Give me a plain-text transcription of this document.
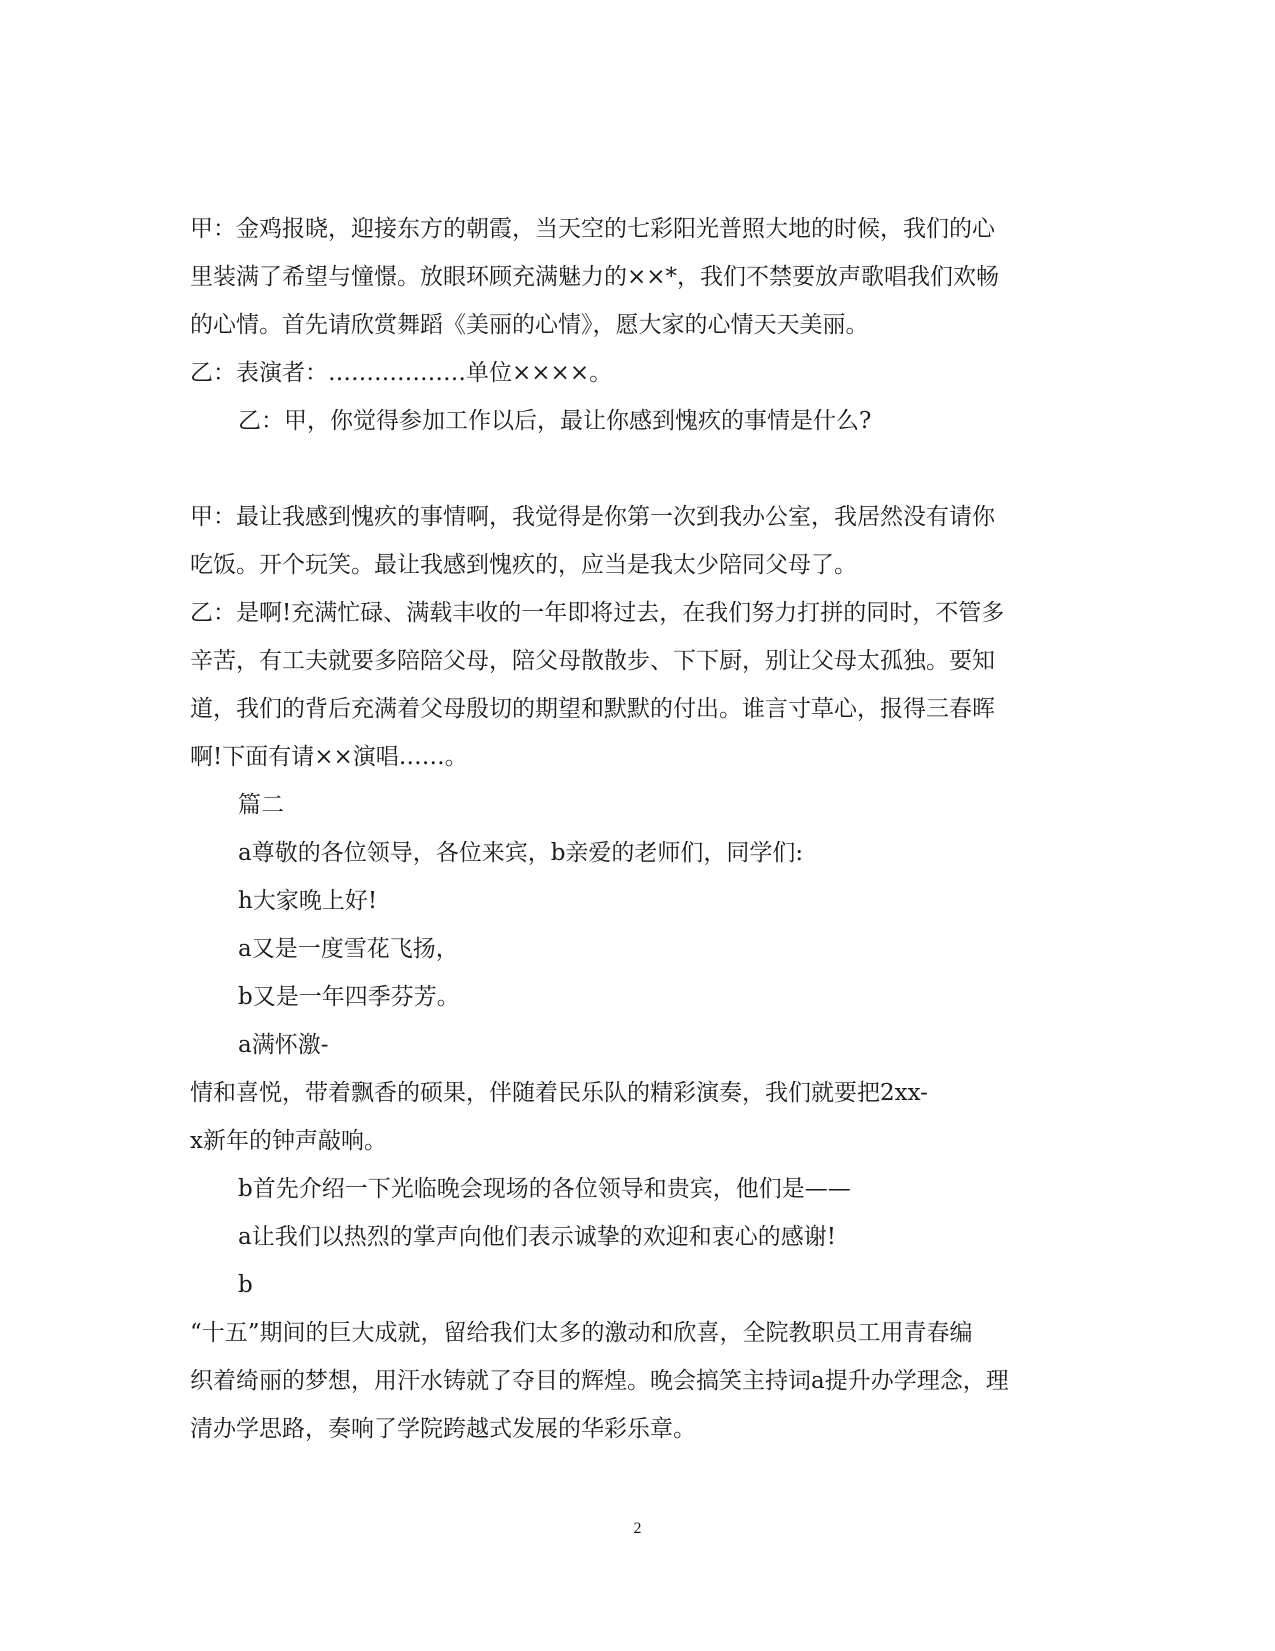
甲：金鸡报晓，迎接东方的朝霞，当天空的七彩阳光普照大地的时候，我们的心
里装满了希望与憧憬。放眼环顾充满魅力的××*，我们不禁要放声歌唱我们欢畅
的心情。首先请欣赏舞蹈《美丽的心情》，愿大家的心情天天美丽。
乙：表演者：………………单位××××。
乙：甲，你觉得参加工作以后，最让你感到愧疚的事情是什么?
甲：最让我感到愧疚的事情啊，我觉得是你第一次到我办公室，我居然没有请你
吃饭。开个玩笑。最让我感到愧疚的，应当是我太少陪同父母了。
乙：是啊!充满忙碌、满载丰收的一年即将过去，在我们努力打拼的同时，不管多
辛苦，有工夫就要多陪陪父母，陪父母散散步、下下厨，别让父母太孤独。要知
道，我们的背后充满着父母殷切的期望和默默的付出。谁言寸草心，报得三春晖
啊!下面有请××演唱……。
篇二
a尊敬的各位领导，各位来宾，b亲爱的老师们，同学们:
h大家晚上好!
a又是一度雪花飞扬，
b又是一年四季芬芳。
a满怀激-
情和喜悦，带着飘香的硕果，伴随着民乐队的精彩演奏，我们就要把2xx-
x新年的钟声敲响。
b首先介绍一下光临晚会现场的各位领导和贵宾，他们是——
a让我们以热烈的掌声向他们表示诚挚的欢迎和衷心的感谢!
b
“十五”期间的巨大成就，留给我们太多的激动和欣喜，全院教职员工用青春编
织着绮丽的梦想，用汗水铸就了夺目的辉煌。晚会搞笑主持词a提升办学理念，理
清办学思路，奏响了学院跨越式发展的华彩乐章。
2
